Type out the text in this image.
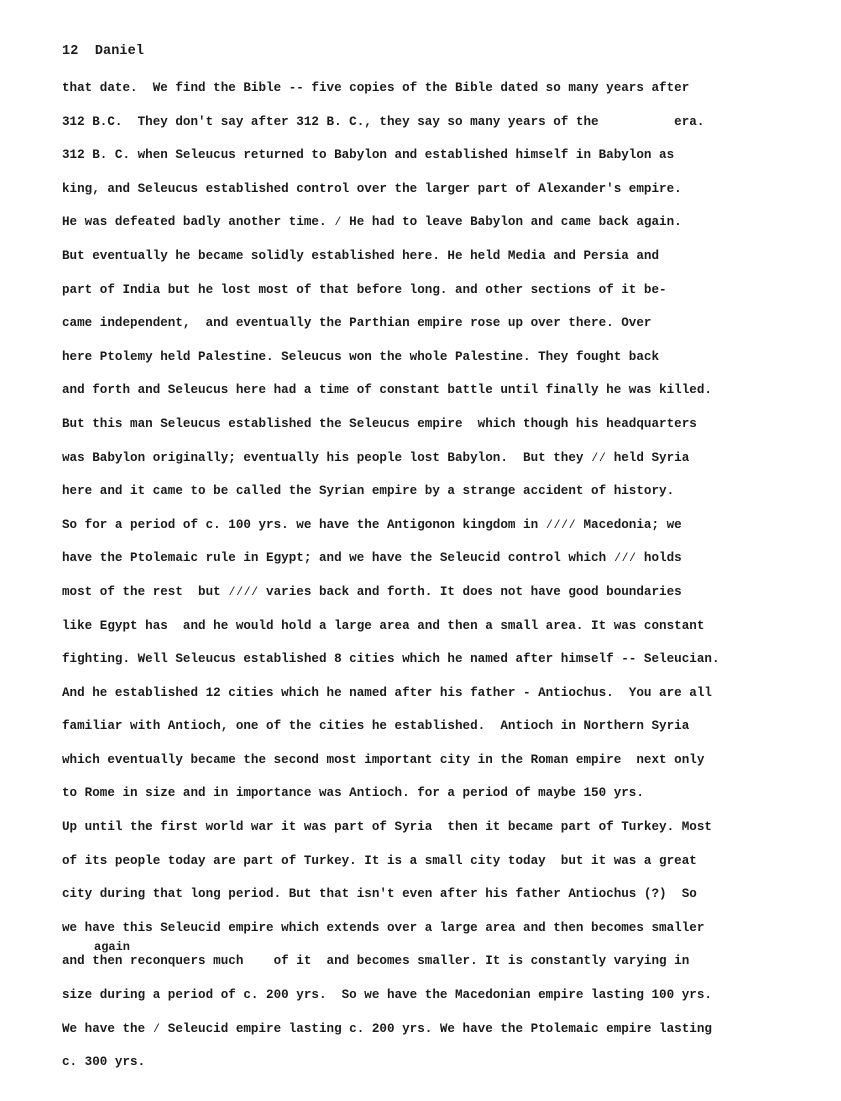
12 Daniel
that date.  We find the Bible -- five copies of the Bible dated so many years after
312 B.C.  They don't say after 312 B. C., they say so many years of the          era.
312 B. C. when Seleucus returned to Babylon and established himself in Babylon as
king, and Seleucus established control over the larger part of Alexander's empire.
He was defeated badly another time. ⁄ He had to leave Babylon and came back again.
But eventually he became solidly established here. He held Media and Persia and
part of India but he lost most of that before long. and other sections of it be-
came independent,  and eventually the Parthian empire rose up over there. Over
here Ptolemy held Palestine. Seleucus won the whole Palestine. They fought back
and forth and Seleucus here had a time of constant battle until finally he was killed.
But this man Seleucus established the Seleucus empire  which though his headquarters
was Babylon originally; eventually his people lost Babylon.  But they ⁄⁄ held Syria
here and it came to be called the Syrian empire by a strange accident of history.
So for a period of c. 100 yrs. we have the Antigonon kingdom in ⁄⁄⁄⁄ Macedonia; we
have the Ptolemaic rule in Egypt; and we have the Seleucid control which ⁄⁄⁄ holds
most of the rest  but ⁄⁄⁄⁄ varies back and forth. It does not have good boundaries
like Egypt has  and he would hold a large area and then a small area. It was constant
fighting. Well Seleucus established 8 cities which he named after himself -- Seleucian.
And he established 12 cities which he named after his father - Antiochus.  You are all
familiar with Antioch, one of the cities he established.  Antioch in Northern Syria
which eventually became the second most important city in the Roman empire  next only
to Rome in size and in importance was Antioch. for a period of maybe 150 yrs.
Up until the first world war it was part of Syria  then it became part of Turkey. Most
of its people today are part of Turkey. It is a small city today  but it was a great
city during that long period. But that isn't even after his father Antiochus (?)  So
we have this Seleucid empire which extends over a large area and then becomes smaller
and then reconquers much    of it  and becomes smaller. It is constantly varying in
again
size during a period of c. 200 yrs.  So we have the Macedonian empire lasting 100 yrs.
We have the ⁄ Seleucid empire lasting c. 200 yrs. We have the Ptolemaic empire lasting
c. 300 yrs.
